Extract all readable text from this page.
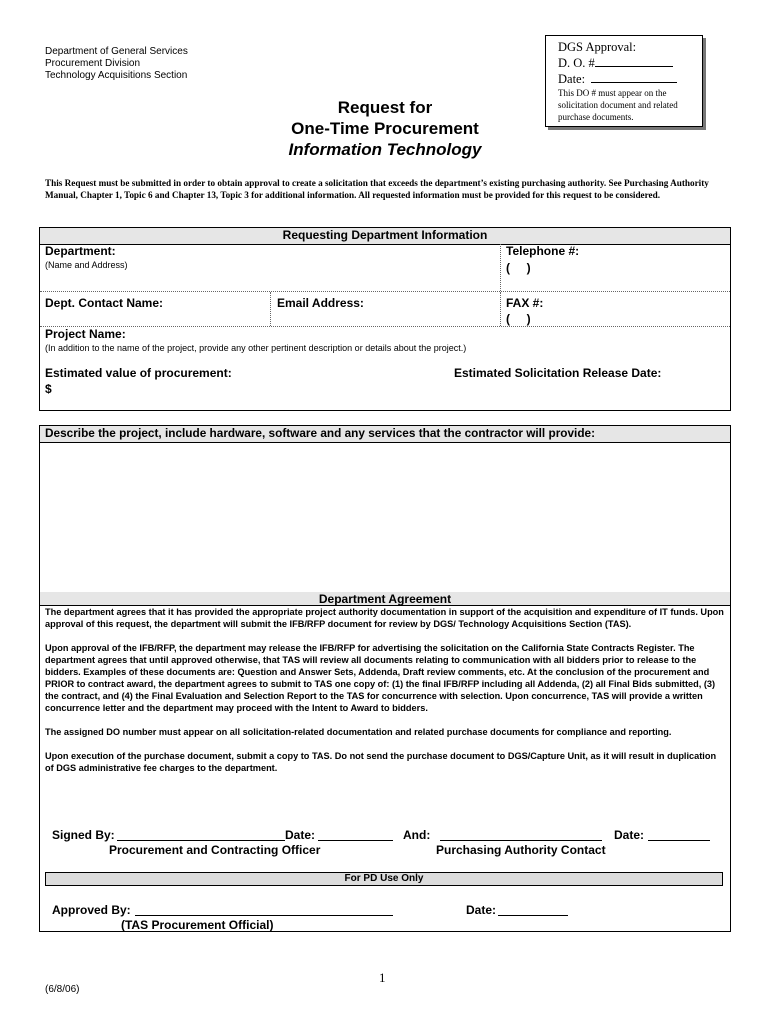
Department of General Services
Procurement Division
Technology Acquisitions Section
DGS Approval:
D. O. #
Date:
This DO # must appear on the
solicitation document and related
purchase documents.
Request for
One-Time Procurement
Information Technology
This Request must be submitted in order to obtain approval to create a solicitation that exceeds the department’s existing purchasing authority. See Purchasing Authority Manual, Chapter 1, Topic 6 and Chapter 13, Topic 3 for additional information. All requested information must be provided for this request to be considered.
Requesting Department Information
Department:
(Name and Address)
Telephone #:
(     )
Dept. Contact Name:	Email Address:	FAX #:
(     )
Project Name:
(In addition to the name of the project, provide any other pertinent description or details about the project.)
Estimated value of procurement:
$
Estimated Solicitation Release Date:
Describe the project, include hardware, software and any services that the contractor will provide:
Department Agreement

The department agrees that it has provided the appropriate project authority documentation in support of the acquisition and expenditure of IT funds. Upon approval of this request, the department will submit the IFB/RFP document for review by DGS/ Technology Acquisitions Section (TAS).

Upon approval of the IFB/RFP, the department may release the IFB/RFP for advertising the solicitation on the California State Contracts Register. The department agrees that until approved otherwise, that TAS will review all documents relating to communication with all bidders prior to release to the bidders. Examples of these documents are: Question and Answer Sets, Addenda, Draft review comments, etc. At the conclusion of the procurement and PRIOR to contract award, the department agrees to submit to TAS one copy of: (1) the final IFB/RFP including all Addenda, (2) all Final Bids submitted, (3) the contract, and (4) the Final Evaluation and Selection Report to the TAS for concurrence with selection. Upon concurrence, TAS will provide a written concurrence letter and the department may proceed with the Intent to Award to bidders.

The assigned DO number must appear on all solicitation-related documentation and related purchase documents for compliance and reporting.

Upon execution of the purchase document, submit a copy to TAS. Do not send the purchase document to DGS/Capture Unit, as it will result in duplication of DGS administrative fee charges to the department.

Signed By:	Date:	And:	Date:
Procurement and Contracting Officer	Purchasing Authority Contact
For PD Use Only
Approved By:	Date:
(TAS Procurement Official)
1
(6/8/06)
